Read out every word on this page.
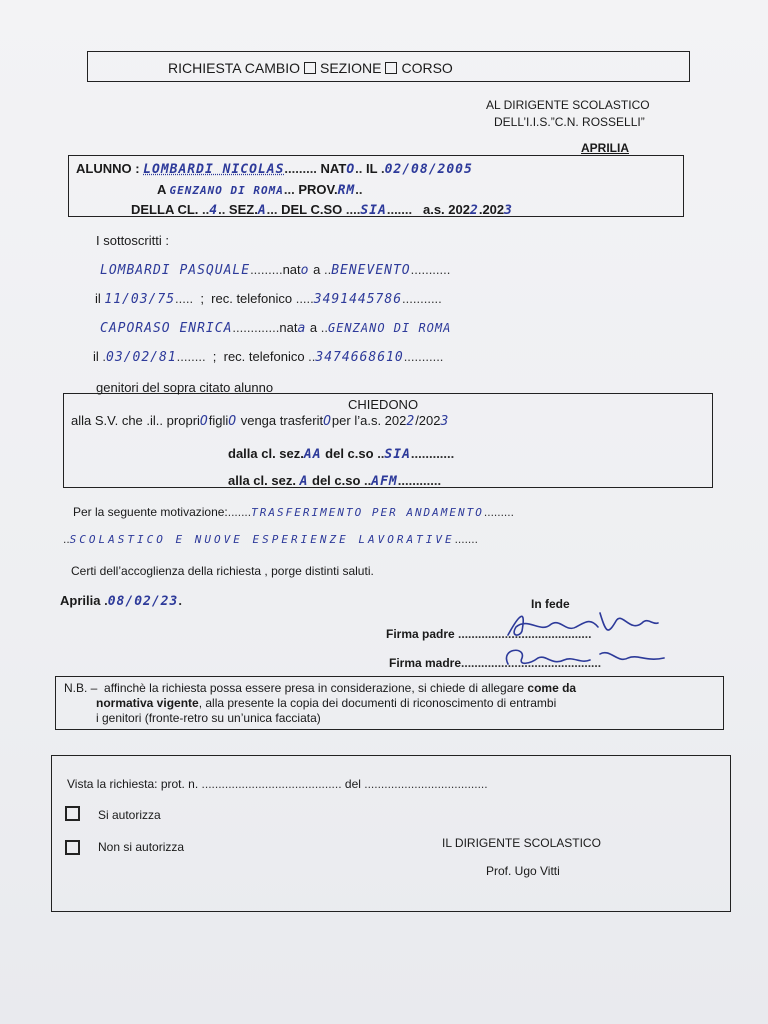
RICHIESTA CAMBIO SEZIONE CORSO
AL DIRIGENTE SCOLASTICO
DELL’I.I.S.”C.N. ROSSELLI”
APRILIA
ALUNNO : LOMBARDI NICOLAS......... NATO.. IL .02/08/2005
A GENZANO DI ROMA... PROV.RM..
DELLA CL. ..4.. SEZ.A... DEL C.SO ....SIA....... a.s. 2022.2023
I sottoscritti :
LOMBARDI PASQUALE.........nato a ..BENEVENTO...........
il 11/03/75.....  ;  rec. telefonico .....3491445786...........
CAPORASO ENRICA.............nata a ..GENZANO DI ROMA
il .03/02/81........  ;  rec. telefonico ..3474668610...........
genitori del sopra citato alunno
CHIEDONO
alla S.V. che .il.. propriOfigliO venga trasferitOper l’a.s. 2022/2023
dalla cl. sez.AA del c.so ..SIA............
alla cl. sez. A del c.so ..AFM............
Per la seguente motivazione:.......TRASFERIMENTO PER ANDAMENTO.........
..SCOLASTICO E NUOVE ESPERIENZE LAVORATIVE.......
Certi dell’accoglienza della richiesta , porge distinti saluti.
Aprilia .08/02/23.	In fede
Firma padre ........................................
Firma madre..........................................
N.B. – affinchè la richiesta possa essere presa in considerazione, si chiede di allegare come da
normativa vigente, alla presente la copia dei documenti di riconoscimento di entrambi
i genitori (fronte-retro su un’unica facciata)
Vista la richiesta: prot. n. .......................................... del .....................................
Si autorizza
Non si autorizza	IL DIRIGENTE SCOLASTICO
Prof. Ugo Vitti
